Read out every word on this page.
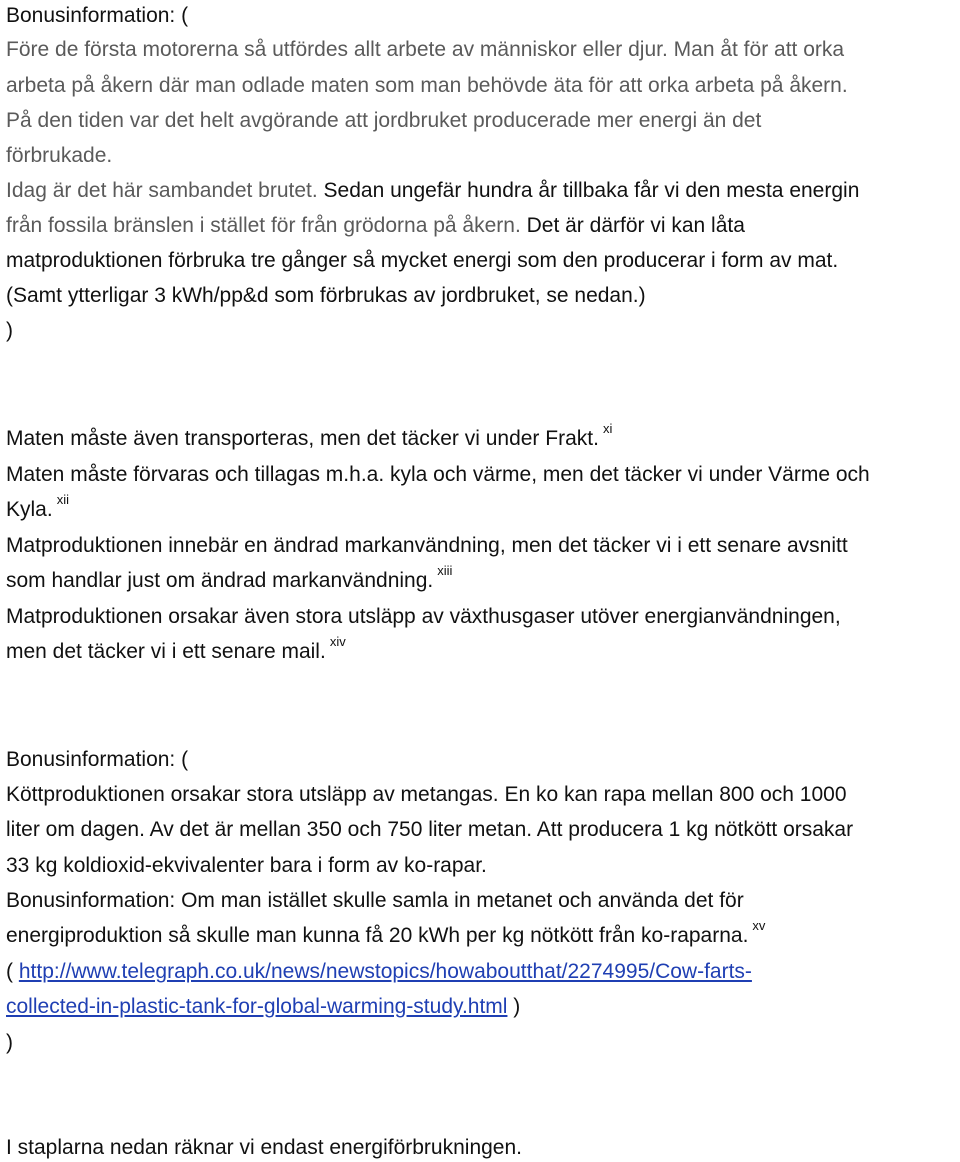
Bonusinformation: (
Före de första motorerna så utfördes allt arbete av människor eller djur. Man åt för att orka
arbeta på åkern där man odlade maten som man behövde äta för att orka arbeta på åkern.
På den tiden var det helt avgörande att jordbruket producerade mer energi än det
förbrukade.
Idag är det här sambandet brutet. Sedan ungefär hundra år tillbaka får vi den mesta energin
från fossila bränslen i stället för från grödorna på åkern. Det är därför vi kan låta
matproduktionen förbruka tre gånger så mycket energi som den producerar i form av mat.
(Samt ytterligar 3 kWh/pp&d som förbrukas av jordbruket, se nedan.)
)
Maten måste även transporteras, men det täcker vi under Frakt. $^{xi}$
Maten måste förvaras och tillagas m.h.a. kyla och värme, men det täcker vi under Värme och
Kyla. $^{xii}$
Matproduktionen innebär en ändrad markanvändning, men det täcker vi i ett senare avsnitt
som handlar just om ändrad markanvändning. $^{xiii}$
Matproduktionen orsakar även stora utsläpp av växthusgaser utöver energianvändningen,
men det täcker vi i ett senare mail. $^{xiv}$
Bonusinformation: (
Köttproduktionen orsakar stora utsläpp av metangas. En ko kan rapa mellan 800 och 1000
liter om dagen. Av det är mellan 350 och 750 liter metan. Att producera 1 kg nötkött orsakar
33 kg koldioxid-ekvivalenter bara i form av ko-rapar.
Bonusinformation: Om man istället skulle samla in metanet och använda det för
energiproduktion så skulle man kunna få 20 kWh per kg nötkött från ko-raparna. $^{xv}$
( http://www.telegraph.co.uk/news/newstopics/howaboutthat/2274995/Cow-farts-
collected-in-plastic-tank-for-global-warming-study.html )
)
I staplarna nedan räknar vi endast energiförbrukningen.
